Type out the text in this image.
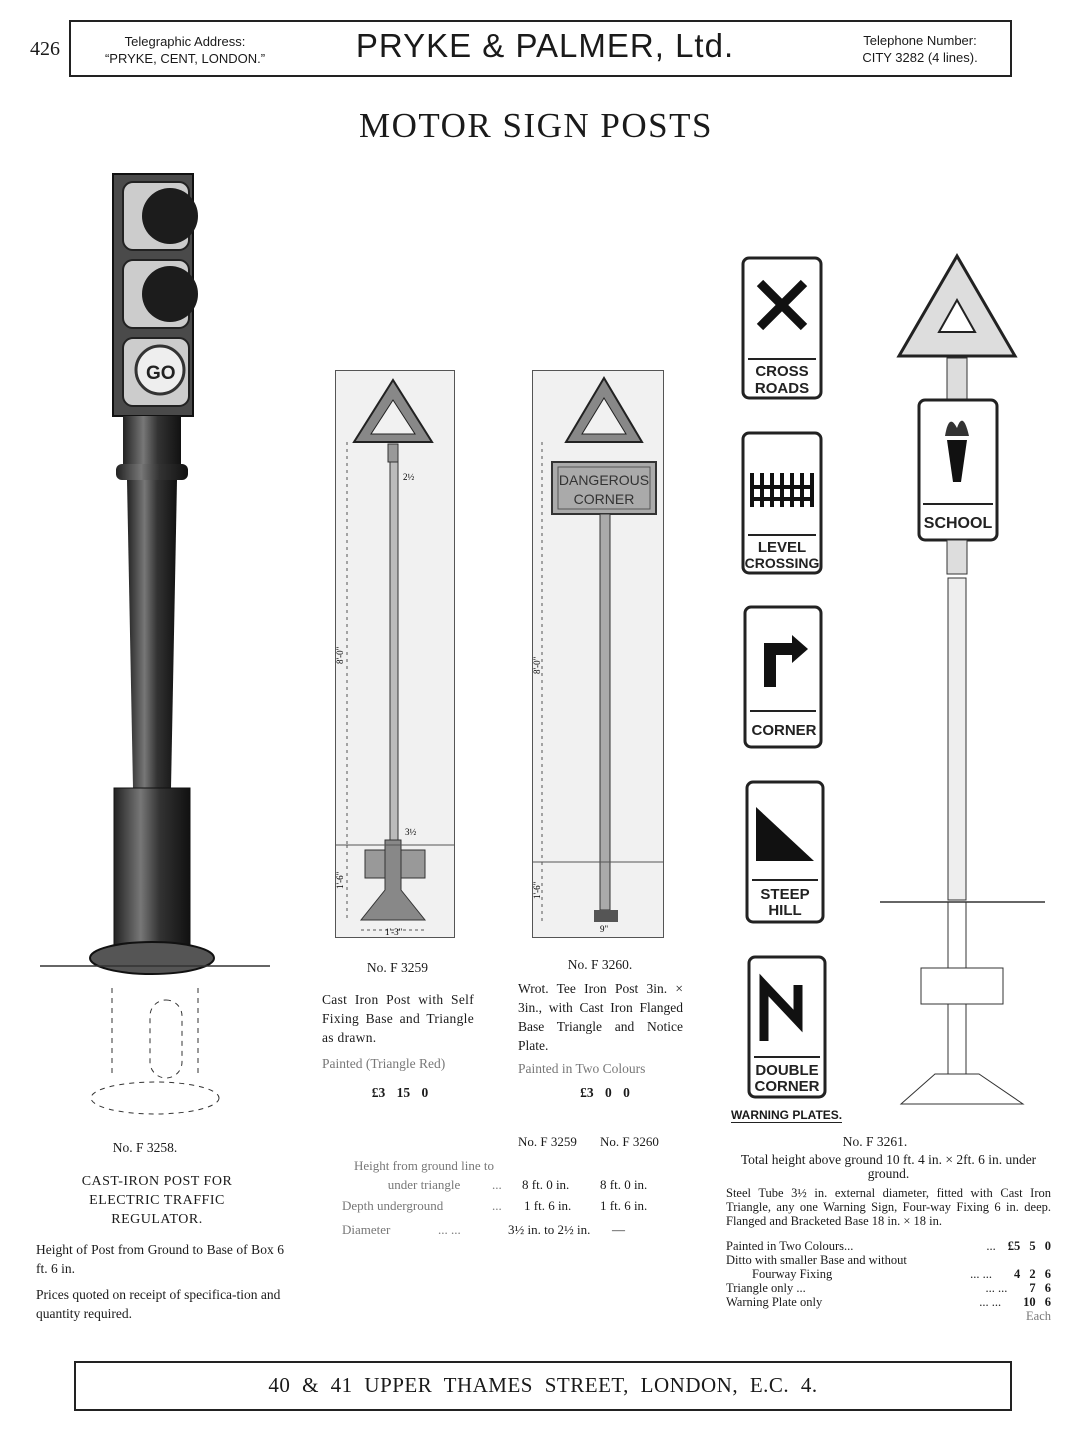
426	Telegraphic Address:
“PRYKE, CENT, LONDON.”	PRYKE & PALMER, Ltd.	Telephone Number:
CITY 3282 (4 lines).
MOTOR SIGN POSTS
GO
No. F 3258.
CAST-IRON POST FOR ELECTRIC TRAFFIC REGULATOR.
Height of Post from Ground to Base of Box 6 ft. 6 in.
Prices quoted on receipt of specifica-tion and quantity required.
2½
8'-0"
3½
1'-6"
1'-3"
DANGEROUS
CORNER
8'-0"
1'-6"
9"
No. F 3259
Cast Iron Post with Self Fixing Base and Triangle as drawn.
Painted (Triangle Red)
£3 15 0
No. F 3260.
Wrot. Tee Iron Post 3in. × 3in., with Cast Iron Flanged Base Triangle and Notice Plate.
Painted in Two Colours
£3 0 0
No. F 3259 No. F 3260
Height from ground line to under triangle	... 8 ft. 0 in. 8 ft. 0 in.
Depth underground	... 1 ft. 6 in. 1 ft. 6 in.
Diameter	... ...	3½ in. to 2½ in. —
CROSS
ROADS
LEVEL
CROSSING
CORNER
STEEP
HILL
DOUBLE
CORNER
WARNING PLATES.
SCHOOL
No. F 3261.
Total height above ground 10 ft. 4 in. × 2ft. 6 in. under ground.
Steel Tube 3½ in. external diameter, fitted with Cast Iron Triangle, any one Warning Sign, Four-way Fixing 6 in. deep. Flanged and Bracketed Base 18 in. × 18 in.
Painted in Two Colours...	... £5 5 0
Ditto with smaller Base and without
Fourway Fixing	... ... 4 2 6
Triangle only ...	... ... 7 6
Warning Plate only	... ... 10 6
Each
40 & 41 UPPER THAMES STREET, LONDON, E.C. 4.
